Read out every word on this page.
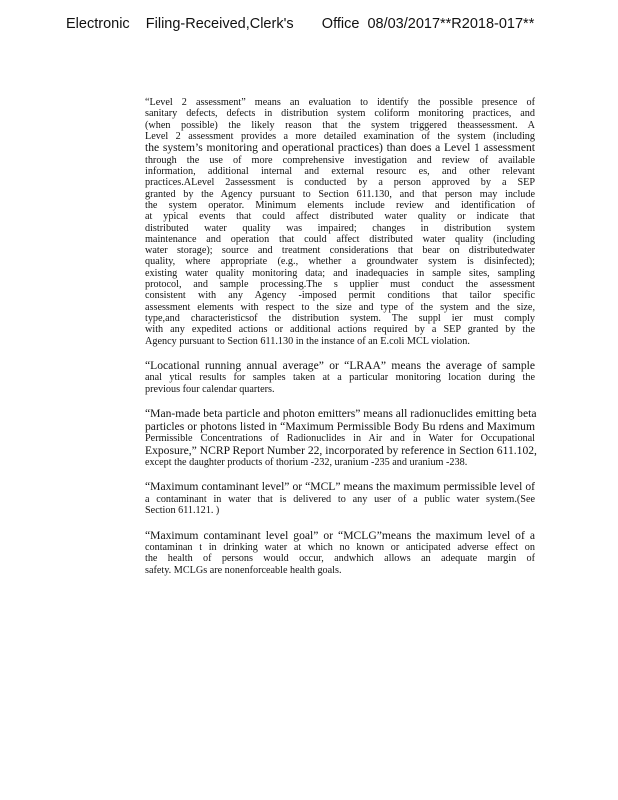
Electronic    Filing-Received,Clerk's       Office  08/03/2017**R2018-017**
“Level 2 assessment” means an evaluation to identify the possible presence of
sanitary defects, defects in distribution system coliform monitoring practices, and
(when possible) the likely reason that the system triggered theassessment. A
Level 2 assessment provides a more detailed examination of the system (including
the system’s monitoring and operational practices) than does a Level 1 assessment
through the use of more comprehensive investigation and review of available
information, additional internal and external resourc es, and other relevant
practices.ALevel 2assessment is conducted by a person approved by a SEP
granted by the Agency pursuant to Section 611.130, and that person may include
the system operator. Minimum elements include review and identification of
at ypical events that could affect distributed water quality or indicate that
distributed water quality was impaired; changes in distribution system
maintenance and operation that could affect distributed water quality (including
water storage); source and treatment considerations that bear on distributedwater
quality, where appropriate (e.g., whether a groundwater system is disinfected);
existing water quality monitoring data; and inadequacies in sample sites, sampling
protocol, and sample processing.The s upplier must conduct the assessment
consistent with any Agency -imposed permit conditions that tailor specific
assessment elements with respect to the size and type of the system and the size,
type,and characteristicsof the distribution system. The suppl ier must comply
with any expedited actions or additional actions required by a SEP granted by the
Agency pursuant to Section 611.130 in the instance of an E.coli MCL violation.
“Locational running annual average” or “LRAA” means the average of sample
anal ytical results for samples taken at a particular monitoring location during the
previous four calendar quarters.
“Man-made beta particle and photon emitters” means all radionuclides emitting beta
particles or photons listed in “Maximum Permissible Body Bu rdens and Maximum
Permissible Concentrations of Radionuclides in Air and in Water for Occupational
Exposure,” NCRP Report Number 22, incorporated by reference in Section 611.102,
except the daughter products of thorium -232, uranium -235 and uranium -238.
“Maximum contaminant level” or “MCL” means the maximum permissible level of
a contaminant in water that is delivered to any user of a public water system.(See
Section 611.121. )
“Maximum contaminant level goal” or “MCLG”means the maximum level of a
contaminan t in drinking water at which no known or anticipated adverse effect on
the health of persons would occur, andwhich allows an adequate margin of
safety. MCLGs are nonenforceable health goals.
